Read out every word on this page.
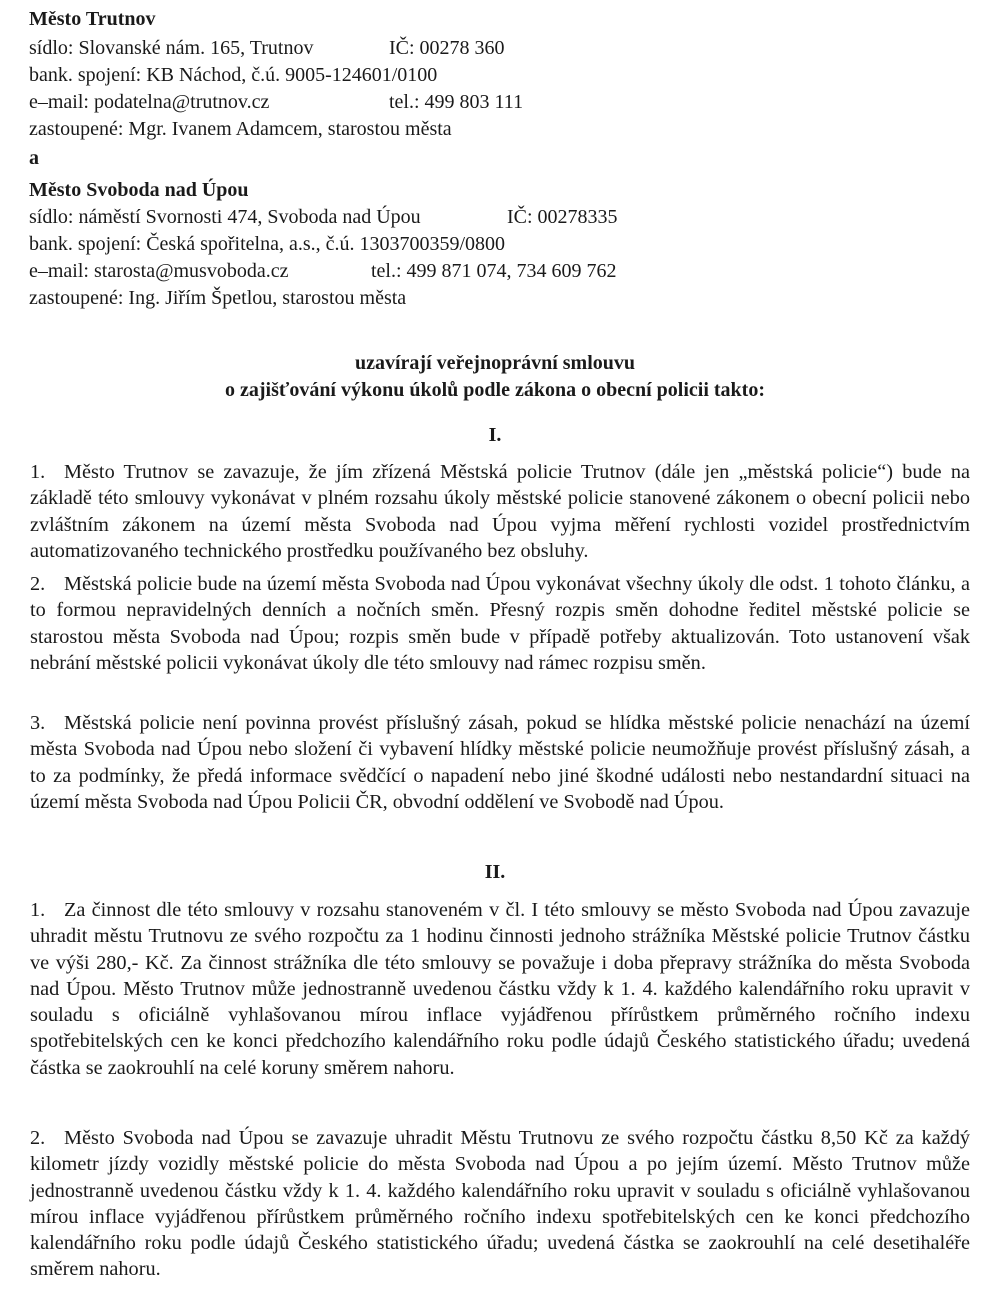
Město Trutnov
sídlo: Slovanské nám. 165, Trutnov	IČ: 00278 360
bank. spojení: KB Náchod, č.ú. 9005-124601/0100
e–mail: podatelna@trutnov.cz	tel.: 499 803 111
zastoupené: Mgr. Ivanem Adamcem, starostou města
a
Město Svoboda nad Úpou
sídlo: náměstí Svornosti 474, Svoboda nad Úpou	IČ: 00278335
bank. spojení: Česká spořitelna, a.s., č.ú. 1303700359/0800
e–mail: starosta@musvoboda.cz	tel.: 499 871 074, 734 609 762
zastoupené: Ing. Jiřím Špetlou, starostou města
uzavírají veřejnoprávní smlouvu
o zajišťování výkonu úkolů podle zákona o obecní policii takto:
I.
1. Město Trutnov se zavazuje, že jím zřízená Městská policie Trutnov (dále jen „městská policie“) bude na základě této smlouvy vykonávat v plném rozsahu úkoly městské policie stanovené zákonem o obecní policii nebo zvláštním zákonem na území města Svoboda nad Úpou vyjma měření rychlosti vozidel prostřednictvím automatizovaného technického prostředku používaného bez obsluhy.
2. Městská policie bude na území města Svoboda nad Úpou vykonávat všechny úkoly dle odst. 1 tohoto článku, a to formou nepravidelných denních a nočních směn. Přesný rozpis směn dohodne ředitel městské policie se starostou města Svoboda nad Úpou; rozpis směn bude v případě potřeby aktualizován. Toto ustanovení však nebrání městské policii vykonávat úkoly dle této smlouvy nad rámec rozpisu směn.
3. Městská policie není povinna provést příslušný zásah, pokud se hlídka městské policie nenachází na území města Svoboda nad Úpou nebo složení či vybavení hlídky městské policie neumožňuje provést příslušný zásah, a to za podmínky, že předá informace svědčící o napadení nebo jiné škodné události nebo nestandardní situaci na území města Svoboda nad Úpou Policii ČR, obvodní oddělení ve Svobodě nad Úpou.
II.
1. Za činnost dle této smlouvy v rozsahu stanoveném v čl. I této smlouvy se město Svoboda nad Úpou zavazuje uhradit městu Trutnovu ze svého rozpočtu za 1 hodinu činnosti jednoho strážníka Městské policie Trutnov částku ve výši 280,- Kč. Za činnost strážníka dle této smlouvy se považuje i doba přepravy strážníka do města Svoboda nad Úpou. Město Trutnov může jednostranně uvedenou částku vždy k 1. 4. každého kalendářního roku upravit v souladu s oficiálně vyhlašovanou mírou inflace vyjádřenou přírůstkem průměrného ročního indexu spotřebitelských cen ke konci předchozího kalendářního roku podle údajů Českého statistického úřadu; uvedená částka se zaokrouhlí na celé koruny směrem nahoru.
2. Město Svoboda nad Úpou se zavazuje uhradit Městu Trutnovu ze svého rozpočtu částku 8,50 Kč za každý kilometr jízdy vozidly městské policie do města Svoboda nad Úpou a po jejím území. Město Trutnov může jednostranně uvedenou částku vždy k 1. 4. každého kalendářního roku upravit v souladu s oficiálně vyhlašovanou mírou inflace vyjádřenou přírůstkem průměrného ročního indexu spotřebitelských cen ke konci předchozího kalendářního roku podle údajů Českého statistického úřadu; uvedená částka se zaokrouhlí na celé desetihaléře směrem nahoru.
